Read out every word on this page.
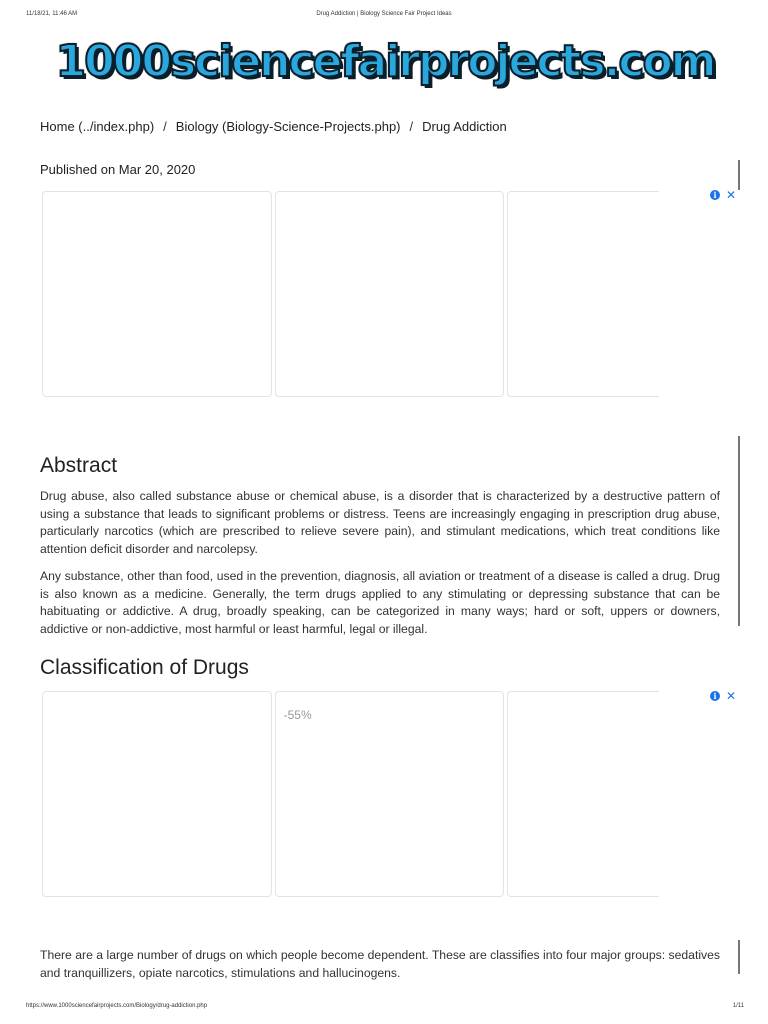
11/18/21, 11:46 AM	Drug Addiction | Biology Science Fair Project Ideas
1000sciencefairprojects.com
Home (../index.php) / Biology (Biology-Science-Projects.php) / Drug Addiction
Published on Mar 20, 2020
i ✕
Abstract

Drug abuse, also called substance abuse or chemical abuse, is a disorder that is characterized by a destructive pattern of using a substance that leads to significant problems or distress. Teens are increasingly engaging in prescription drug abuse, particularly narcotics (which are prescribed to relieve severe pain), and stimulant medications, which treat conditions like attention deficit disorder and narcolepsy.

Any substance, other than food, used in the prevention, diagnosis, all aviation or treatment of a disease is called a drug. Drug is also known as a medicine. Generally, the term drugs applied to any stimulating or depressing substance that can be habituating or addictive. A drug, broadly speaking, can be categorized in many ways; hard or soft, uppers or downers, addictive or non-addictive, most harmful or least harmful, legal or illegal.

Classification of Drugs
i ✕
-55%

There are a large number of drugs on which people become dependent. These are classifies into four major groups: sedatives and tranquillizers, opiate narcotics, stimulations and hallucinogens.

https://www.1000sciencefairprojects.com/Biology/drug-addiction.php	1/11
